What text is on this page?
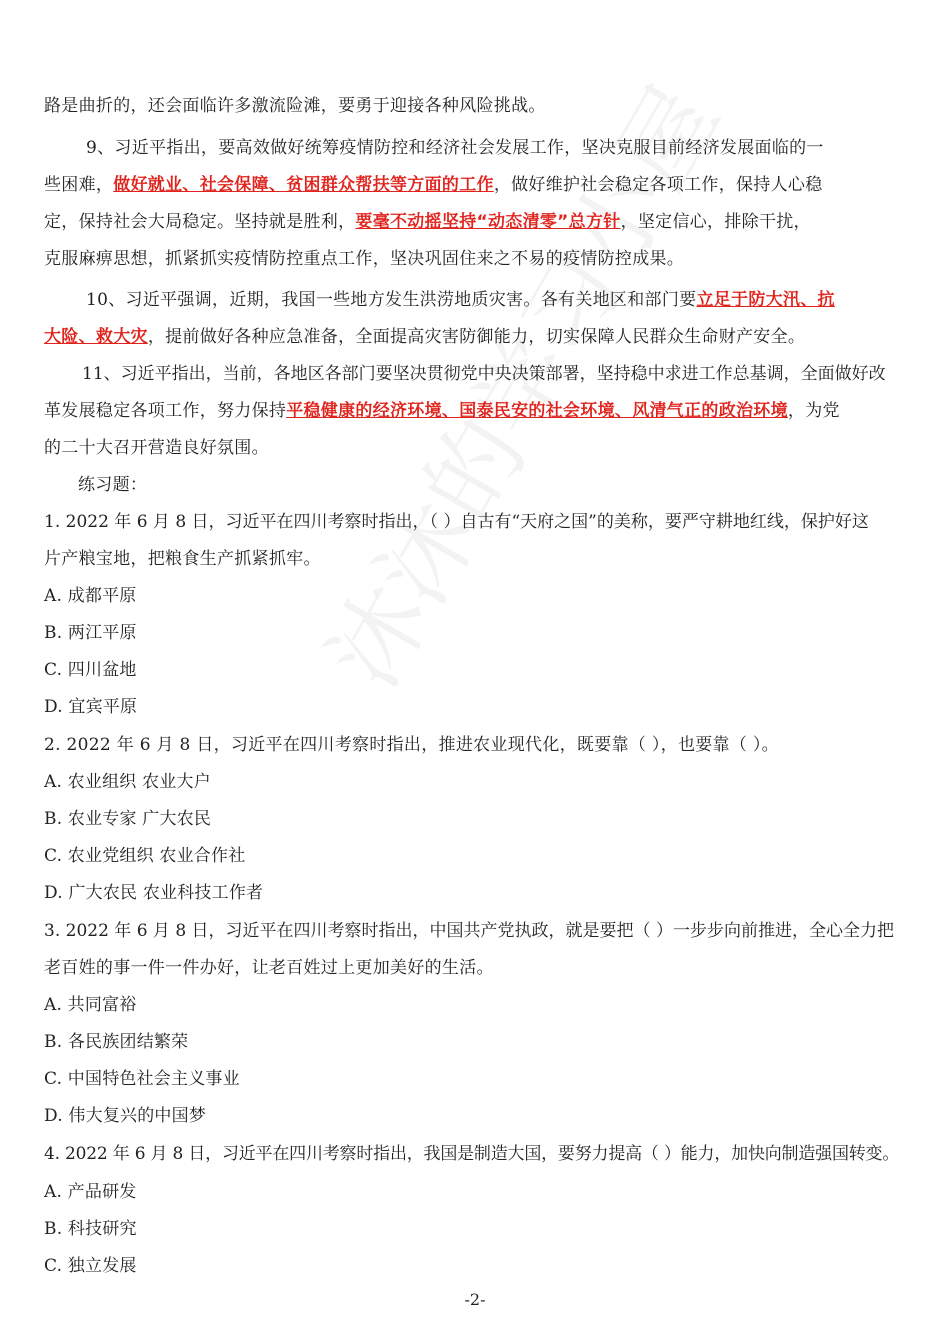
路是曲折的，还会面临许多激流险滩，要勇于迎接各种风险挑战。
9、习近平指出，要高效做好统筹疫情防控和经济社会发展工作，坚决克服目前经济发展面临的一
些困难，做好就业、社会保障、贫困群众帮扶等方面的工作，做好维护社会稳定各项工作，保持人心稳
定，保持社会大局稳定。坚持就是胜利，要毫不动摇坚持“动态清零”总方针，坚定信心，排除干扰，
克服麻痹思想，抓紧抓实疫情防控重点工作，坚决巩固住来之不易的疫情防控成果。
10、习近平强调，近期，我国一些地方发生洪涝地质灾害。各有关地区和部门要立足于防大汛、抗
大险、救大灾，提前做好各种应急准备，全面提高灾害防御能力，切实保障人民群众生命财产安全。
11、习近平指出，当前，各地区各部门要坚决贯彻党中央决策部署，坚持稳中求进工作总基调，全面做好改
革发展稳定各项工作，努力保持平稳健康的经济环境、国泰民安的社会环境、风清气正的政治环境，为党
的二十大召开营造良好氛围。
练习题：
1. 2022 年 6 月 8 日，习近平在四川考察时指出，（ ）自古有“天府之国”的美称，要严守耕地红线，保护好这
片产粮宝地，把粮食生产抓紧抓牢。
A. 成都平原
B. 两江平原
C. 四川盆地
D. 宜宾平原
2. 2022 年 6 月 8 日，习近平在四川考察时指出，推进农业现代化，既要靠（ ），也要靠（ ）。
A. 农业组织 农业大户
B. 农业专家 广大农民
C. 农业党组织 农业合作社
D. 广大农民 农业科技工作者
3. 2022 年 6 月 8 日，习近平在四川考察时指出，中国共产党执政，就是要把（ ）一步步向前推进，全心全力把
老百姓的事一件一件办好，让老百姓过上更加美好的生活。
A. 共同富裕
B. 各民族团结繁荣
C. 中国特色社会主义事业
D. 伟大复兴的中国梦
4. 2022 年 6 月 8 日，习近平在四川考察时指出，我国是制造大国，要努力提高（ ）能力，加快向制造强国转变。
A. 产品研发
B. 科技研究
C. 独立发展
-2-
